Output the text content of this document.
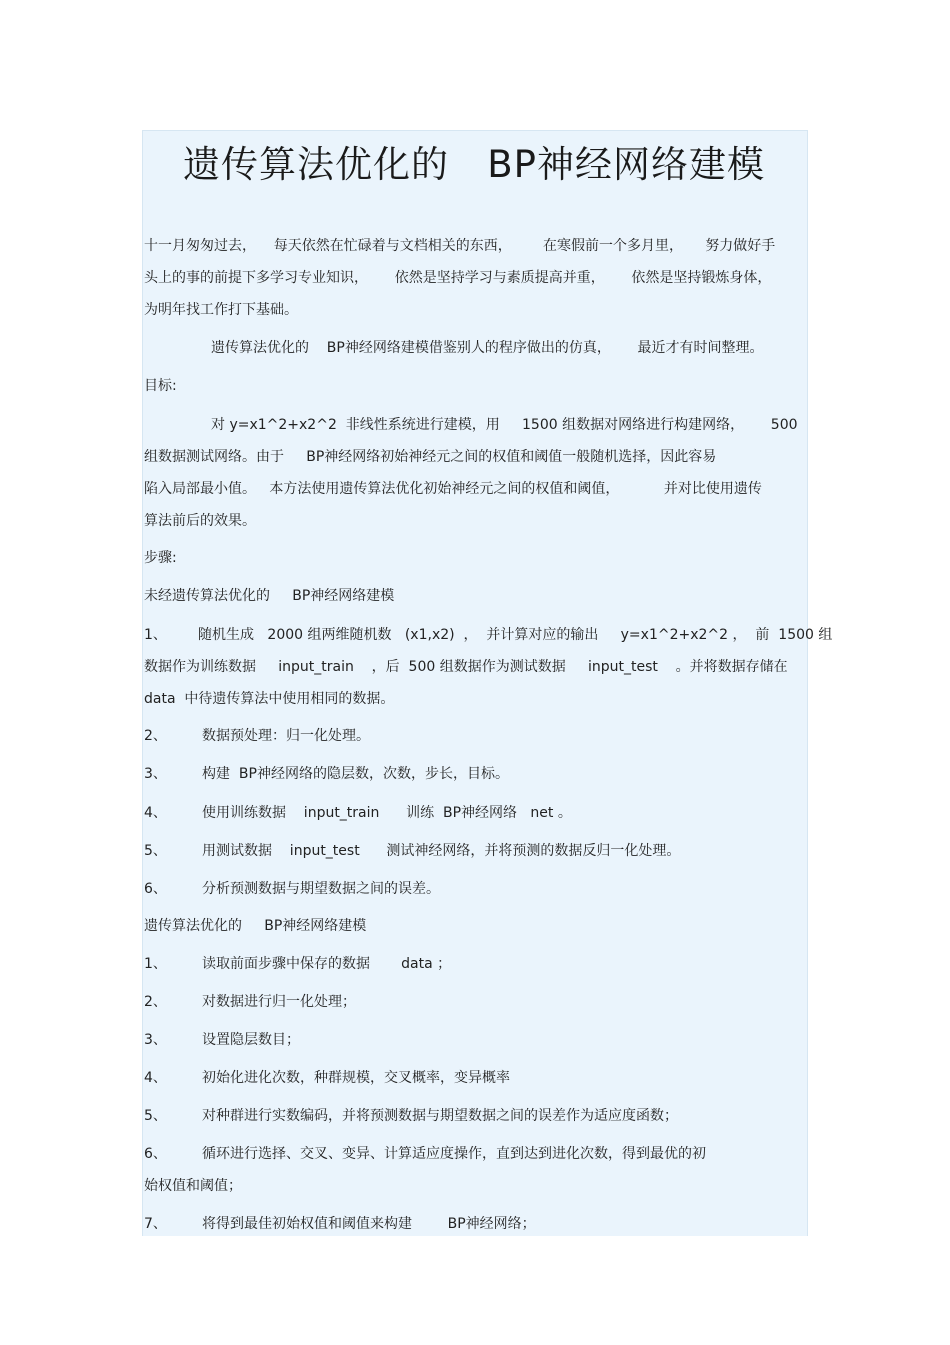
遗传算法优化的   BP神经网络建模
十一月匆匆过去，    每天依然在忙碌着与文档相关的东西，       在寒假前一个多月里，     努力做好手
头上的事的前提下多学习专业知识，      依然是坚持学习与素质提高并重，      依然是坚持锻炼身体，
为明年找工作打下基础。
遗传算法优化的    BP神经网络建模借鉴别人的程序做出的仿真，      最近才有时间整理。
目标:
对 y=x1^2+x2^2  非线性系统进行建模，用     1500 组数据对网络进行构建网络，      500
组数据测试网络。由于     BP神经网络初始神经元之间的权值和阈值一般随机选择，因此容易
陷入局部最小值。   本方法使用遗传算法优化初始神经元之间的权值和阈值，          并对比使用遗传
算法前后的效果。
步骤:
未经遗传算法优化的     BP神经网络建模
1、       随机生成   2000 组两维随机数   (x1,x2)  ，  并计算对应的输出     y=x1^2+x2^2 ，  前  1500 组
数据作为训练数据     input_train    ，后  500 组数据作为测试数据     input_test    。并将数据存储在
data  中待遗传算法中使用相同的数据。
2、	数据预处理：归一化处理。
3、	构建  BP神经网络的隐层数，次数，步长，目标。
4、	使用训练数据    input_train      训练  BP神经网络   net 。
5、	用测试数据    input_test      测试神经网络，并将预测的数据反归一化处理。
6、	分析预测数据与期望数据之间的误差。
遗传算法优化的     BP神经网络建模
1、	读取前面步骤中保存的数据       data ；
2、	对数据进行归一化处理；
3、	设置隐层数目；
4、	初始化进化次数，种群规模，交叉概率，变异概率
5、	对种群进行实数编码，并将预测数据与期望数据之间的误差作为适应度函数；
6、	循环进行选择、交叉、变异、计算适应度操作，直到达到进化次数，得到最优的初
始权值和阈值；
7、	将得到最佳初始权值和阈值来构建        BP神经网络；
